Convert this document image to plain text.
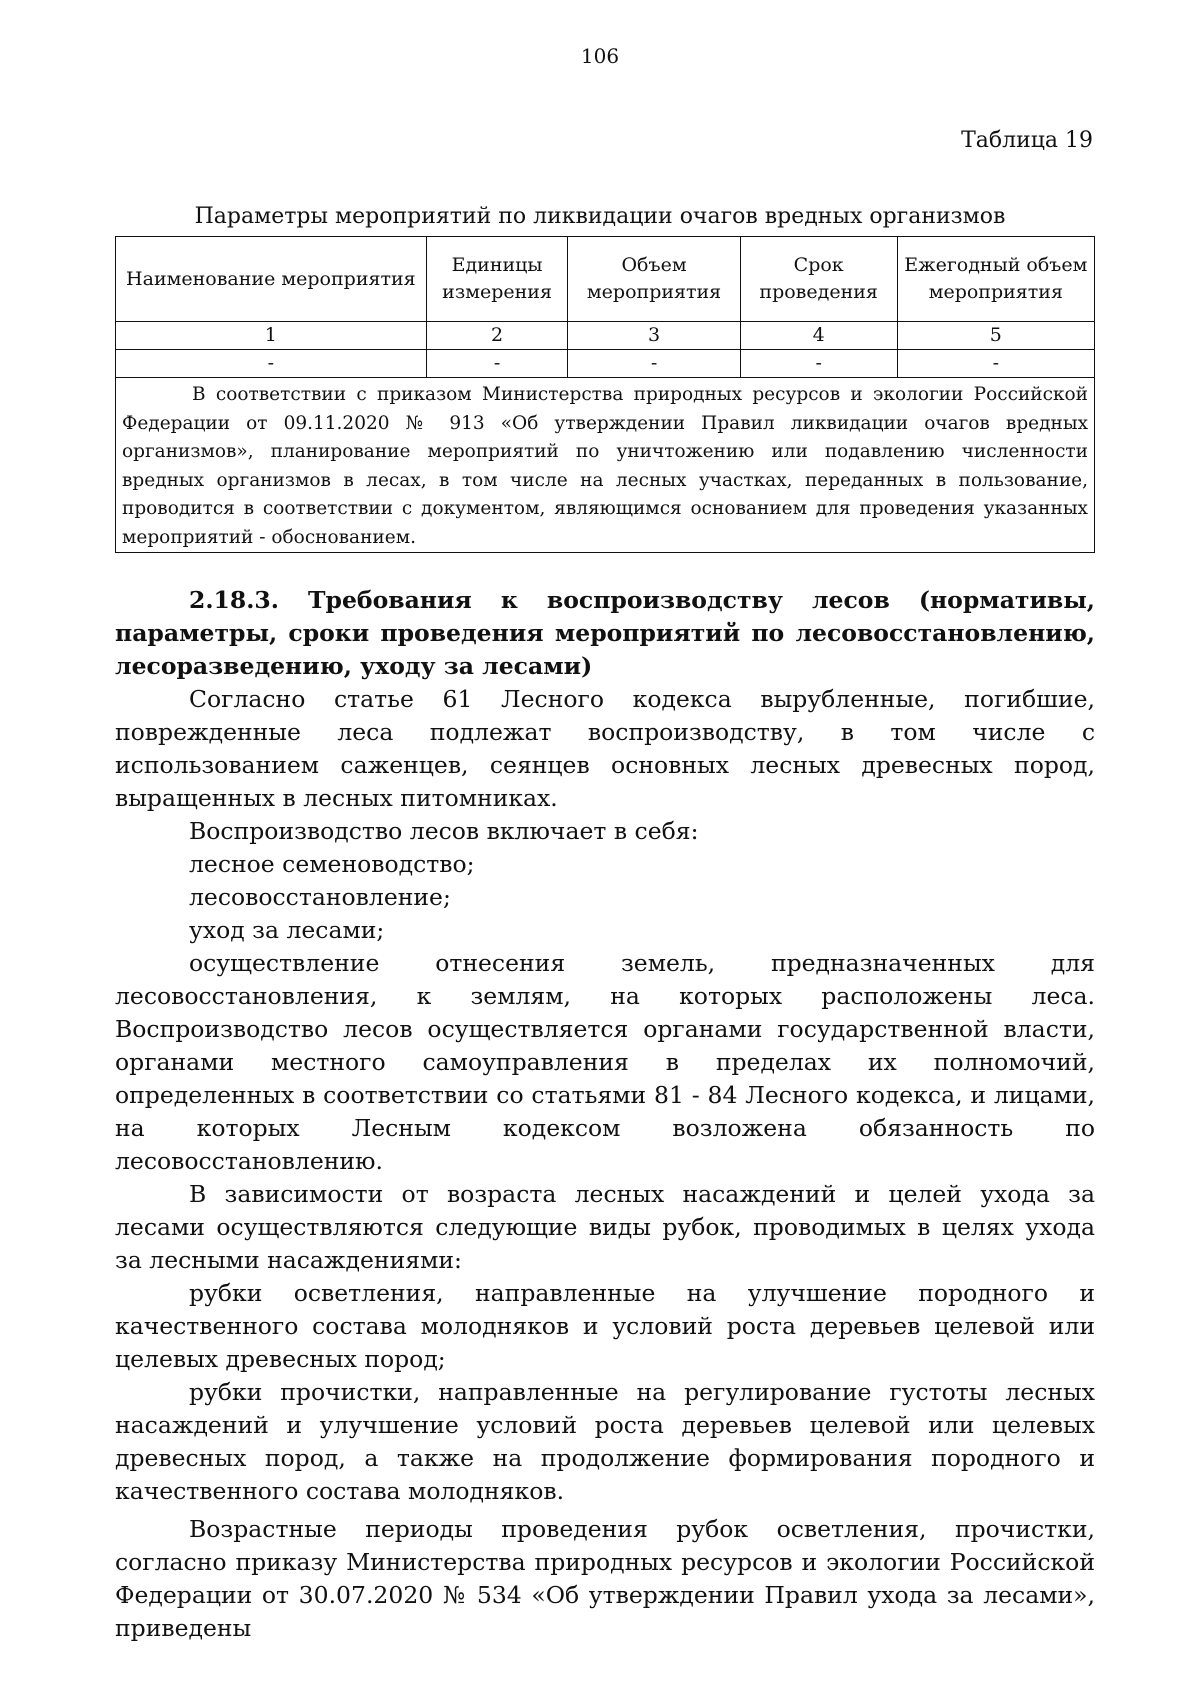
106
Таблица 19
Параметры мероприятий по ликвидации очагов вредных организмов
Наименование мероприятия	Единицы измерения	Объем мероприятия	Срок проведения	Ежегодный объем мероприятия
1	2	3	4	5
-	-	-	-	-

В соответствии с приказом Министерства природных ресурсов и экологии Российской Федерации от 09.11.2020 № 913 «Об утверждении Правил ликвидации очагов вредных организмов», планирование мероприятий по уничтожению или подавлению численности вредных организмов в лесах, в том числе на лесных участках, переданных в пользование, проводится в соответствии с документом, являющимся основанием для проведения указанных мероприятий - обоснованием.				

2.18.3. Требования к воспроизводству лесов (нормативы, параметры, сроки проведения мероприятий по лесовосстановлению, лесоразведению, уходу за лесами)

Согласно статье 61 Лесного кодекса вырубленные, погибшие, поврежденные леса подлежат воспроизводству, в том числе с использованием саженцев, сеянцев основных лесных древесных пород, выращенных в лесных питомниках.

Воспроизводство лесов включает в себя:

лесное семеноводство;

лесовосстановление;

уход за лесами;

осуществление отнесения земель, предназначенных для лесовосстановления, к землям, на которых расположены леса. Воспроизводство лесов осуществляется органами государственной власти, органами местного самоуправления в пределах их полномочий, определенных в соответствии со статьями 81 - 84 Лесного кодекса, и лицами, на которых Лесным кодексом возложена обязанность по лесовосстановлению.

В зависимости от возраста лесных насаждений и целей ухода за лесами осуществляются следующие виды рубок, проводимых в целях ухода за лесными насаждениями:

рубки осветления, направленные на улучшение породного и качественного состава молодняков и условий роста деревьев целевой или целевых древесных пород;

рубки прочистки, направленные на регулирование густоты лесных насаждений и улучшение условий роста деревьев целевой или целевых древесных пород, а также на продолжение формирования породного и качественного состава молодняков.

Возрастные периоды проведения рубок осветления, прочистки, согласно приказу Министерства природных ресурсов и экологии Российской Федерации от 30.07.2020 № 534 «Об утверждении Правил ухода за лесами», приведены
